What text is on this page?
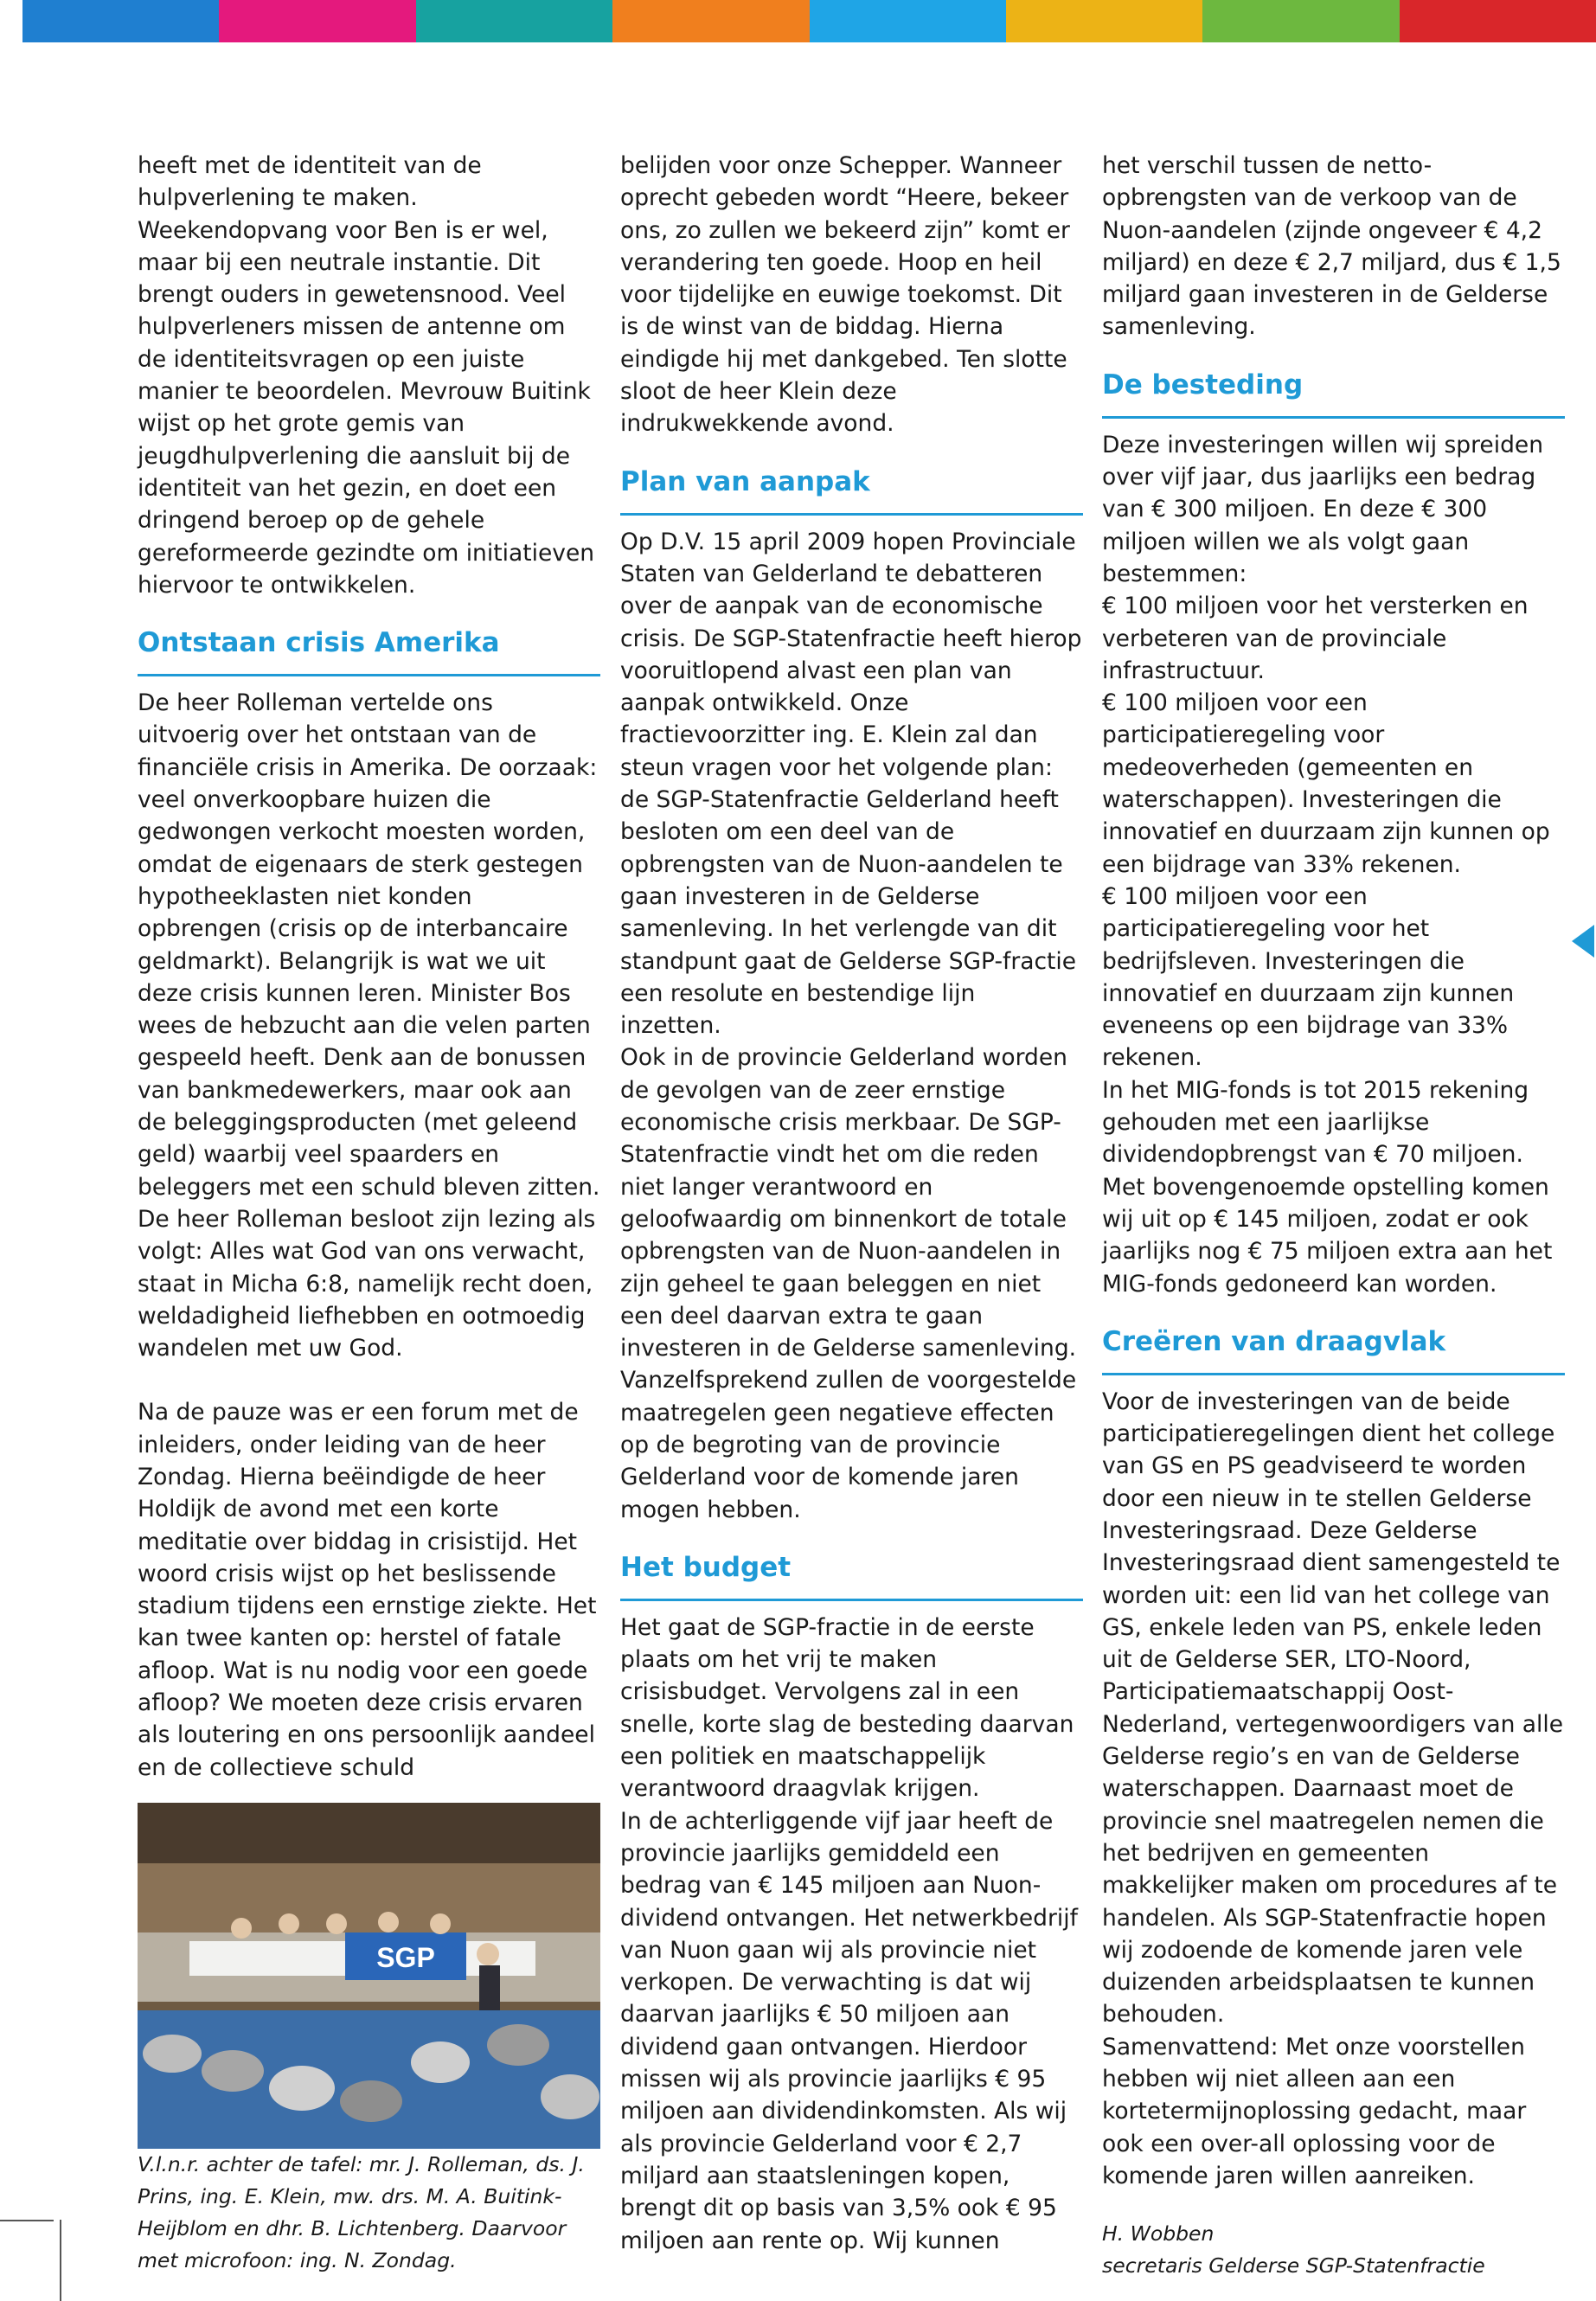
heeft met de identiteit van de hulpverlening te maken. Weekendopvang voor Ben is er wel, maar bij een neutrale instantie. Dit brengt ouders in gewetensnood. Veel hulpverleners missen de antenne om de identiteitsvragen op een juiste manier te beoordelen. Mevrouw Buitink wijst op het grote gemis van jeugdhulpverlening die aansluit bij de identiteit van het gezin, en doet een dringend beroep op de gehele gereformeerde gezindte om initiatieven hiervoor te ontwikkelen.

Ontstaan crisis Amerika

De heer Rolleman vertelde ons uitvoerig over het ontstaan van de financiële crisis in Amerika. De oorzaak: veel onverkoopbare huizen die gedwongen verkocht moesten worden, omdat de eigenaars de sterk gestegen hypotheeklasten niet konden opbrengen (crisis op de interbancaire geldmarkt). Belangrijk is wat we uit deze crisis kunnen leren. Minister Bos wees de hebzucht aan die velen parten gespeeld heeft. Denk aan de bonussen van bankmedewerkers, maar ook aan de beleggingsproducten (met geleend geld) waarbij veel spaarders en beleggers met een schuld bleven zitten. De heer Rolleman besloot zijn lezing als volgt: Alles wat God van ons verwacht, staat in Micha 6:8, namelijk recht doen, weldadigheid liefhebben en ootmoedig wandelen met uw God.

Na de pauze was er een forum met de inleiders, onder leiding van de heer Zondag. Hierna beëindigde de heer Holdijk de avond met een korte meditatie over biddag in crisistijd. Het woord crisis wijst op het beslissende stadium tijdens een ernstige ziekte. Het kan twee kanten op: herstel of fatale afloop. Wat is nu nodig voor een goede afloop? We moeten deze crisis ervaren als loutering en ons persoonlijk aandeel en de collectieve schuld

SGP

V.l.n.r. achter de tafel: mr. J. Rolleman, ds. J. Prins, ing. E. Klein, mw. drs. M. A. Buitink-Heijblom en dhr. B. Lichtenberg. Daarvoor met microfoon: ing. N. Zondag.

belijden voor onze Schepper. Wanneer oprecht gebeden wordt “Heere, bekeer ons, zo zullen we bekeerd zijn” komt er verandering ten goede. Hoop en heil voor tijdelijke en euwige toekomst. Dit is de winst van de biddag. Hierna eindigde hij met dankgebed. Ten slotte sloot de heer Klein deze indrukwekkende avond.

Plan van aanpak

Op D.V. 15 april 2009 hopen Provinciale Staten van Gelderland te debatteren over de aanpak van de economische crisis. De SGP-Statenfractie heeft hierop vooruitlopend alvast een plan van aanpak ontwikkeld. Onze fractievoorzitter ing. E. Klein zal dan steun vragen voor het volgende plan: de SGP-Statenfractie Gelderland heeft besloten om een deel van de opbrengsten van de Nuon-aandelen te gaan investeren in de Gelderse samenleving. In het verlengde van dit standpunt gaat de Gelderse SGP-fractie een resolute en bestendige lijn inzetten.

Ook in de provincie Gelderland worden de gevolgen van de zeer ernstige economische crisis merkbaar. De SGP-Statenfractie vindt het om die reden niet langer verantwoord en geloofwaardig om binnenkort de totale opbrengsten van de Nuon-aandelen in zijn geheel te gaan beleggen en niet een deel daarvan extra te gaan investeren in de Gelderse samenleving. Vanzelfsprekend zullen de voorgestelde maatregelen geen negatieve effecten op de begroting van de provincie Gelderland voor de komende jaren mogen hebben.

Het budget

Het gaat de SGP-fractie in de eerste plaats om het vrij te maken crisisbudget. Vervolgens zal in een snelle, korte slag de besteding daarvan een politiek en maatschappelijk verantwoord draagvlak krijgen.

In de achterliggende vijf jaar heeft de provincie jaarlijks gemiddeld een bedrag van € 145 miljoen aan Nuon-dividend ontvangen. Het netwerkbedrijf van Nuon gaan wij als provincie niet verkopen. De verwachting is dat wij daarvan jaarlijks € 50 miljoen aan dividend gaan ontvangen. Hierdoor missen wij als provincie jaarlijks € 95 miljoen aan dividendinkomsten. Als wij als provincie Gelderland voor € 2,7 miljard aan staatsleningen kopen, brengt dit op basis van 3,5% ook € 95 miljoen aan rente op. Wij kunnen

het verschil tussen de netto-opbrengsten van de verkoop van de Nuon-aandelen (zijnde ongeveer € 4,2 miljard) en deze € 2,7 miljard, dus € 1,5 miljard gaan investeren in de Gelderse samenleving.

De besteding

Deze investeringen willen wij spreiden over vijf jaar, dus jaarlijks een bedrag van € 300 miljoen. En deze € 300 miljoen willen we als volgt gaan bestemmen:

€ 100 miljoen voor het versterken en verbeteren van de provinciale infrastructuur.

€ 100 miljoen voor een participatieregeling voor medeoverheden (gemeenten en waterschappen). Investeringen die innovatief en duurzaam zijn kunnen op een bijdrage van 33% rekenen.

€ 100 miljoen voor een participatieregeling voor het bedrijfsleven. Investeringen die innovatief en duurzaam zijn kunnen eveneens op een bijdrage van 33% rekenen.

In het MIG-fonds is tot 2015 rekening gehouden met een jaarlijkse dividendopbrengst van € 70 miljoen. Met bovengenoemde opstelling komen wij uit op € 145 miljoen, zodat er ook jaarlijks nog € 75 miljoen extra aan het MIG-fonds gedoneerd kan worden.

Creëren van draagvlak

Voor de investeringen van de beide participatieregelingen dient het college van GS en PS geadviseerd te worden door een nieuw in te stellen Gelderse Investeringsraad. Deze Gelderse Investeringsraad dient samengesteld te worden uit: een lid van het college van GS, enkele leden van PS, enkele leden uit de Gelderse SER, LTO-Noord, Participatiemaatschappij Oost-Nederland, vertegenwoordigers van alle Gelderse regio’s en van de Gelderse waterschappen. Daarnaast moet de provincie snel maatregelen nemen die het bedrijven en gemeenten makkelijker maken om procedures af te handelen. Als SGP-Statenfractie hopen wij zodoende de komende jaren vele duizenden arbeidsplaatsen te kunnen behouden.

Samenvattend: Met onze voorstellen hebben wij niet alleen aan een kortetermijnoplossing gedacht, maar ook een over-all oplossing voor de komende jaren willen aanreiken.

H. Wobben
secretaris Gelderse SGP-Statenfractie
